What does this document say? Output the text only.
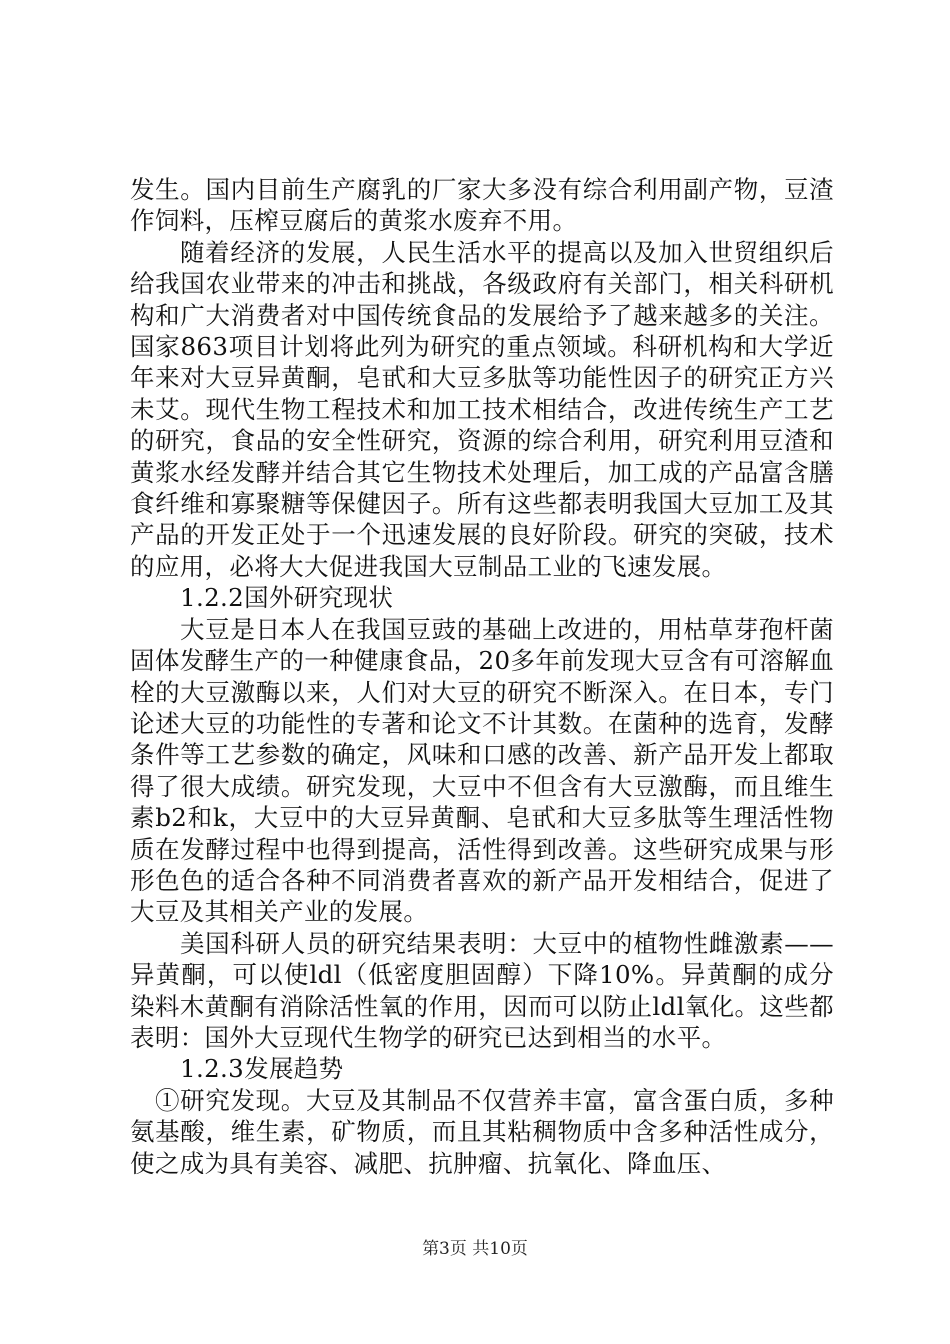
发生。国内目前生产腐乳的厂家大多没有综合利用副产物，豆渣作饲料，压榨豆腐后的黄浆水废弃不用。

随着经济的发展，人民生活水平的提高以及加入世贸组织后给我国农业带来的冲击和挑战，各级政府有关部门，相关科研机构和广大消费者对中国传统食品的发展给予了越来越多的关注。国家863项目计划将此列为研究的重点领域。科研机构和大学近年来对大豆异黄酮，皂甙和大豆多肽等功能性因子的研究正方兴未艾。现代生物工程技术和加工技术相结合，改进传统生产工艺的研究，食品的安全性研究，资源的综合利用，研究利用豆渣和黄浆水经发酵并结合其它生物技术处理后，加工成的产品富含膳食纤维和寡聚糖等保健因子。所有这些都表明我国大豆加工及其产品的开发正处于一个迅速发展的良好阶段。研究的突破，技术的应用，必将大大促进我国大豆制品工业的飞速发展。

1.2.2国外研究现状

大豆是日本人在我国豆豉的基础上改进的，用枯草芽孢杆菌固体发酵生产的一种健康食品，20多年前发现大豆含有可溶解血栓的大豆激酶以来，人们对大豆的研究不断深入。在日本，专门论述大豆的功能性的专著和论文不计其数。在菌种的选育，发酵条件等工艺参数的确定，风味和口感的改善、新产品开发上都取得了很大成绩。研究发现，大豆中不但含有大豆激酶，而且维生素b2和k，大豆中的大豆异黄酮、皂甙和大豆多肽等生理活性物质在发酵过程中也得到提高，活性得到改善。这些研究成果与形形色色的适合各种不同消费者喜欢的新产品开发相结合，促进了大豆及其相关产业的发展。

美国科研人员的研究结果表明：大豆中的植物性雌激素——异黄酮，可以使ldl（低密度胆固醇）下降10%。异黄酮的成分染料木黄酮有消除活性氧的作用，因而可以防止ldl氧化。这些都表明：国外大豆现代生物学的研究已达到相当的水平。

1.2.3发展趋势

①研究发现。大豆及其制品不仅营养丰富，富含蛋白质，多种氨基酸，维生素，矿物质，而且其粘稠物质中含多种活性成分，使之成为具有美容、减肥、抗肿瘤、抗氧化、降血压、

第3页 共10页
